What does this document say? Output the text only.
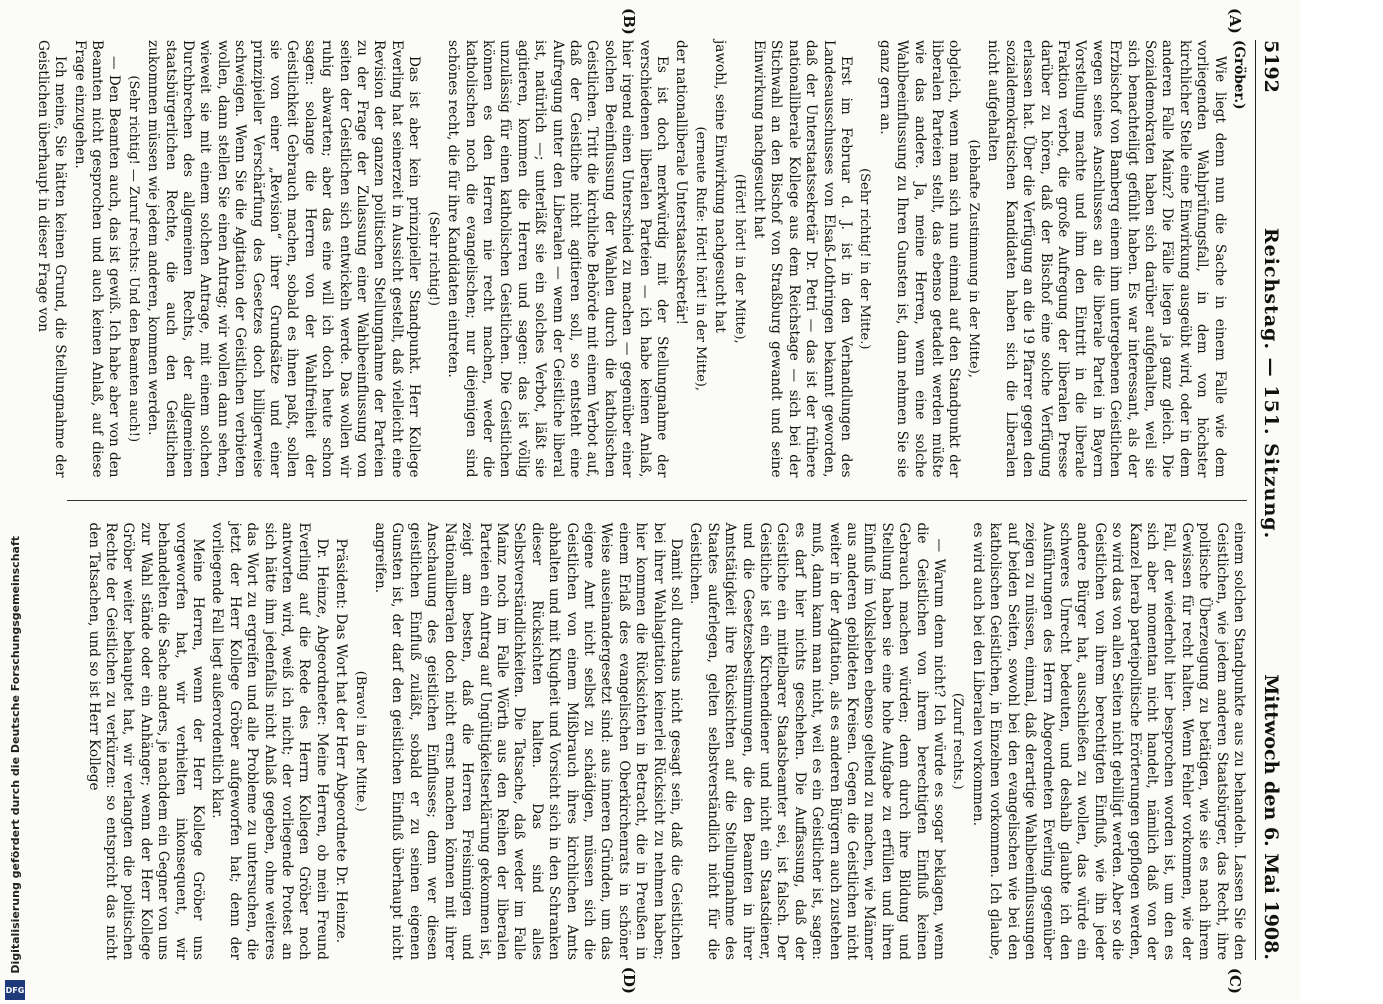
5192
Reichstag. — 151. Sitzung.
Mittwoch den 6. Mai 1908.
(A)
(B)

(Gröber.)

Wie liegt denn nun die Sache in einem Falle wie dem vorliegenden Wahlprüfungsfall, in dem von höchster kirchlicher Stelle eine Einwirkung ausgeübt wird, oder in dem anderen Falle Mainz? Die Fälle liegen ja ganz gleich. Die Sozialdemokraten haben sich darüber aufgehalten, weil sie sich benachteiligt gefühlt haben. Es war interessant, als der Erzbischof von Bamberg einem ihm untergebenen Geistlichen wegen seines Anschlusses an die liberale Partei in Bayern Vorstellung machte und ihm den Eintritt in die liberale Fraktion verbot, die große Aufregung der liberalen Presse darüber zu hören, daß der Bischof eine solche Verfügung erlassen hat. Über die Verfügung an die 19 Pfarrer gegen den sozialdemokratischen Kandidaten haben sich die Liberalen nicht aufgehalten

(lebhafte Zustimmung in der Mitte),

obgleich, wenn man sich nun einmal auf den Standpunkt der liberalen Parteien stellt, das ebenso getadelt werden müßte wie das andere. Ja, meine Herren, wenn eine solche Wahlbeeinflussung zu Ihren Gunsten ist, dann nehmen Sie sie ganz gern an.

(Sehr richtig! in der Mitte.)

Erst im Februar d. J. ist in den Verhandlungen des Landesausschusses von Elsaß-Lothringen bekannt geworden, daß der Unterstaatssekretär Dr. Petri — das ist der frühere nationalliberale Kollege aus dem Reichstage — sich bei der Stichwahl an den Bischof von Straßburg gewandt und seine Einwirkung nachgesucht hat

(Hört! hört! in der Mitte),

jawohl, seine Einwirkung nachgesucht hat

(erneute Rufe: Hört! hört! in der Mitte),

der nationalliberale Unterstaatssekretär!

Es ist doch merkwürdig mit der Stellungnahme der verschiedenen liberalen Parteien — ich habe keinen Anlaß, hier irgend einen Unterschied zu machen — gegenüber einer solchen Beeinflussung der Wahlen durch die katholischen Geistlichen. Tritt die kirchliche Behörde mit einem Verbot auf, daß der Geistliche nicht agitieren soll, so entsteht eine Aufregung unter den Liberalen — wenn der Geistliche liberal ist, natürlich —; unterläßt sie ein solches Verbot, läßt sie agitieren, kommen die Herren und sagen: das ist völlig unzulässig für einen katholischen Geistlichen. Die Geistlichen können es den Herren nie recht machen, weder die katholischen noch die evangelischen; nur diejenigen sind schönes recht, die für ihre Kandidaten eintreten.

(Sehr richtig!)

Das ist aber kein prinzipieller Standpunkt. Herr Kollege Everling hat seinerzeit in Aussicht gestellt, daß vielleicht eine Revision der ganzen politischen Stellungnahme der Parteien zu der Frage der Zulassung einer Wahlbeeinflussung von seiten der Geistlichen sich entwickeln werde. Das wollen wir ruhig abwarten; aber das eine will ich doch heute schon sagen: solange die Herren von der Wahlfreiheit der Geistlichkeit Gebrauch machen, sobald es ihnen paßt, sollen sie von einer „Revision“ ihrer Grundsätze und einer prinzipieller Verschärfung des Gesetzes doch billigerweise schweigen. Wenn Sie die Agitation der Geistlichen verbieten wollen, dann stellen Sie einen Antrag; wir wollen dann sehen, wieweit sie mit einem solchen Antrage, mit einem solchen Durchbrechen des allgemeinen Rechts, der allgemeinen staatsbürgerlichen Rechte, die auch den Geistlichen zukommen müssen wie jedem anderen, kommen werden.

(Sehr richtig! — Zuruf rechts: Und den Beamten auch!)

— Den Beamten auch, das ist gewiß. Ich habe aber von den Beamten nicht gesprochen und auch keinen Anlaß, auf diese Frage einzugehen.

Ich meine, Sie hätten keinen Grund, die Stellungnahme der Geistlichen überhaupt in dieser Frage von

(C)
(D)

einem solchen Standpunkte aus zu behandeln. Lassen Sie den Geistlichen, wie jedem anderen Staatsbürger, das Recht, ihre politische Überzeugung zu betätigen, wie sie es nach ihrem Gewissen für recht halten. Wenn Fehler vorkommen, wie der Fall, der wiederholt hier besprochen worden ist, um den es sich aber momentan nicht handelt, nämlich daß von der Kanzel herab parteipolitische Erörterungen gepflogen werden, so wird das von allen Seiten nicht gebilligt werden. Aber so die Geistlichen von ihrem berechtigten Einfluß, wie ihn jeder andere Bürger hat, ausschließen zu wollen, das würde ein schweres Unrecht bedeuten, und deshalb glaubte ich den Ausführungen des Herrn Abgeordneten Everling gegenüber zeigen zu müssen, einmal, daß derartige Wahlbeeinflussungen auf beiden Seiten, sowohl bei den evangelischen wie bei den katholischen Geistlichen, in Einzelnen vorkommen. Ich glaube, es wird auch bei den Liberalen vorkommen.

(Zuruf rechts.)

— Warum denn nicht? Ich würde es sogar beklagen, wenn die Geistlichen von ihrem berechtigten Einfluß keinen Gebrauch machen würden; denn durch ihre Bildung und Stellung haben sie eine hohe Aufgabe zu erfüllen und ihren Einfluß im Volksleben ebenso geltend zu machen, wie Männer aus anderen gebildeten Kreisen. Gegen die Geistlichen nicht weiter in der Agitation, als es anderen Bürgern auch zustehen muß, dann kann man nicht, weil es ein Geistlicher ist, sagen: es darf hier nichts geschehen. Die Auffassung, daß der Geistliche ein mittelbarer Staatsbeamter sei, ist falsch. Der Geistliche ist ein Kirchendiener und nicht ein Staatsdiener, und die Gesetzesbestimmungen, die den Beamten in ihrer Amtstätigkeit ihre Rücksichten auf die Stellungnahme des Staates auferlegen, gelten selbstverständlich nicht für die Geistlichen.

Damit soll durchaus nicht gesagt sein, daß die Geistlichen bei ihrer Wahlagitation keinerlei Rücksicht zu nehmen haben; hier kommen die Rücksichten in Betracht, die in Preußen in einem Erlaß des evangelischen Oberkirchenrats in schöner Weise auseinandergesetzt sind: aus inneren Gründen, um das eigene Amt nicht selbst zu schädigen, müssen sich die Geistlichen von einem Mißbrauch ihres kirchlichen Amts abhalten und mit Klugheit und Vorsicht sich in den Schranken dieser Rücksichten halten. Das sind alles Selbstverständlichkeiten. Die Tatsache, daß weder im Falle Mainz noch im Falle Wörth aus den Reihen der liberalen Parteien ein Antrag auf Ungültigkeitserklärung gekommen ist, zeigt am besten, daß die Herren Freisinnigen und Nationalliberalen doch nicht ernst machen können mit ihrer Anschauung des geistlichen Einflusses; denn wer diesen geistlichen Einfluß zuläßt, sobald er zu seinen eigenen Gunsten ist, der darf den geistlichen Einfluß überhaupt nicht angreifen.

(Bravo! in der Mitte.)

Präsident: Das Wort hat der Herr Abgeordnete Dr. Heinze.

Dr. Heinze, Abgeordneter: Meine Herren, ob mein Freund Everling auf die Rede des Herrn Kollegen Gröber noch antworten wird, weiß ich nicht; der vorliegende Protest an sich hätte ihm jedenfalls nicht Anlaß gegeben, ohne weiteres das Wort zu ergreifen und alle Probleme zu untersuchen, die jetzt der Herr Kollege Gröber aufgeworfen hat; denn der vorliegende Fall liegt außerordentlich klar.

Meine Herren, wenn der Herr Kollege Gröber uns vorgeworfen hat, wir verhielten inkonsequent, wir behandelten die Sache anders, je nachdem ein Gegner von uns zur Wahl stände oder ein Anhänger; wenn der Herr Kollege Gröber weiter behauptet hat, wir verlangten die politischen Rechte der Geistlichen zu verkürzen: so entspricht das nicht den Tatsachen, und so ist Herr Kollege

Digitalisierung gefördert durch die Deutsche Forschungsgemeinschaft
DFG
